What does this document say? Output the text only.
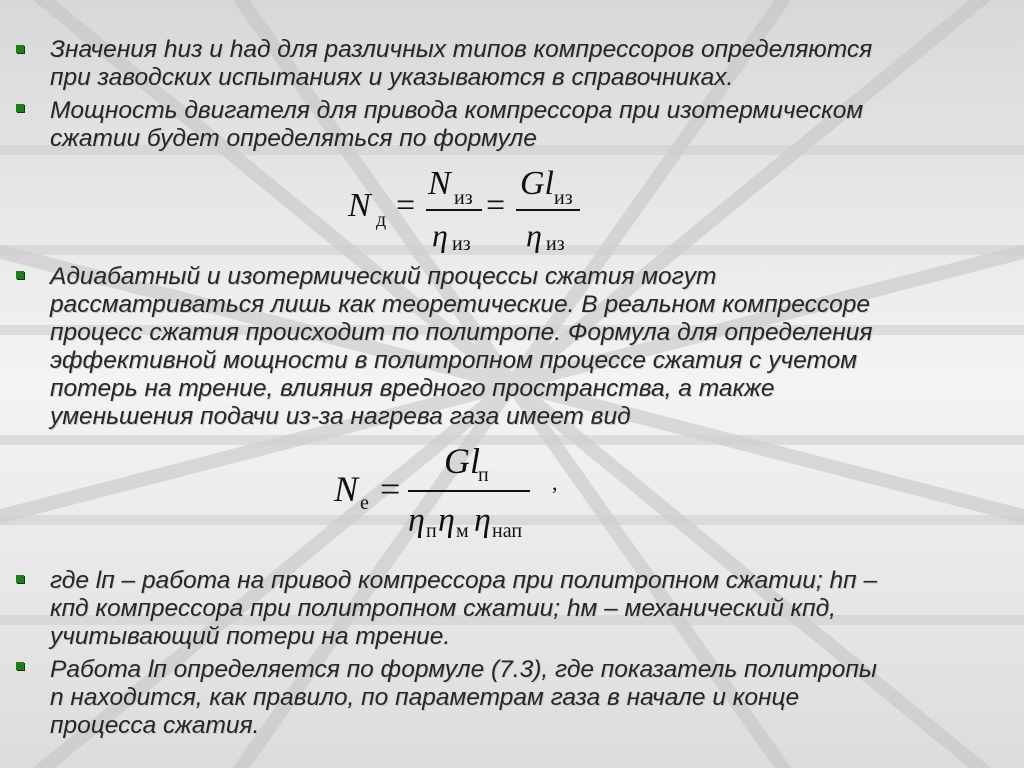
Значения hиз и hад для различных типов компрессоров определяются
при заводских испытаниях и указываются в справочниках.
Мощность двигателя для привода компрессора при изотермическом
сжатии будет определяться по формуле
N д =
N из
η из
=
Gl из
η из
Адиабатный и изотермический процессы сжатия могут
рассматриваться лишь как теоретические. В реальном компрессоре
процесс сжатия происходит по политропе. Формула для определения
эффективной мощности в политропном процессе сжатия с учетом
потерь на трение, влияния вредного пространства, а также
уменьшения подачи из-за нагрева газа имеет вид
N e =
Gl
п
η п η м η нап
,
где lп – работа на привод компрессора при политропном сжатии; hп –
кпд компрессора при политропном сжатии; hм – механический кпд,
учитывающий потери на трение.
Работа lп определяется по формуле (7.3), где показатель политропы
n находится, как правило, по параметрам газа в начале и конце
процесса сжатия.
